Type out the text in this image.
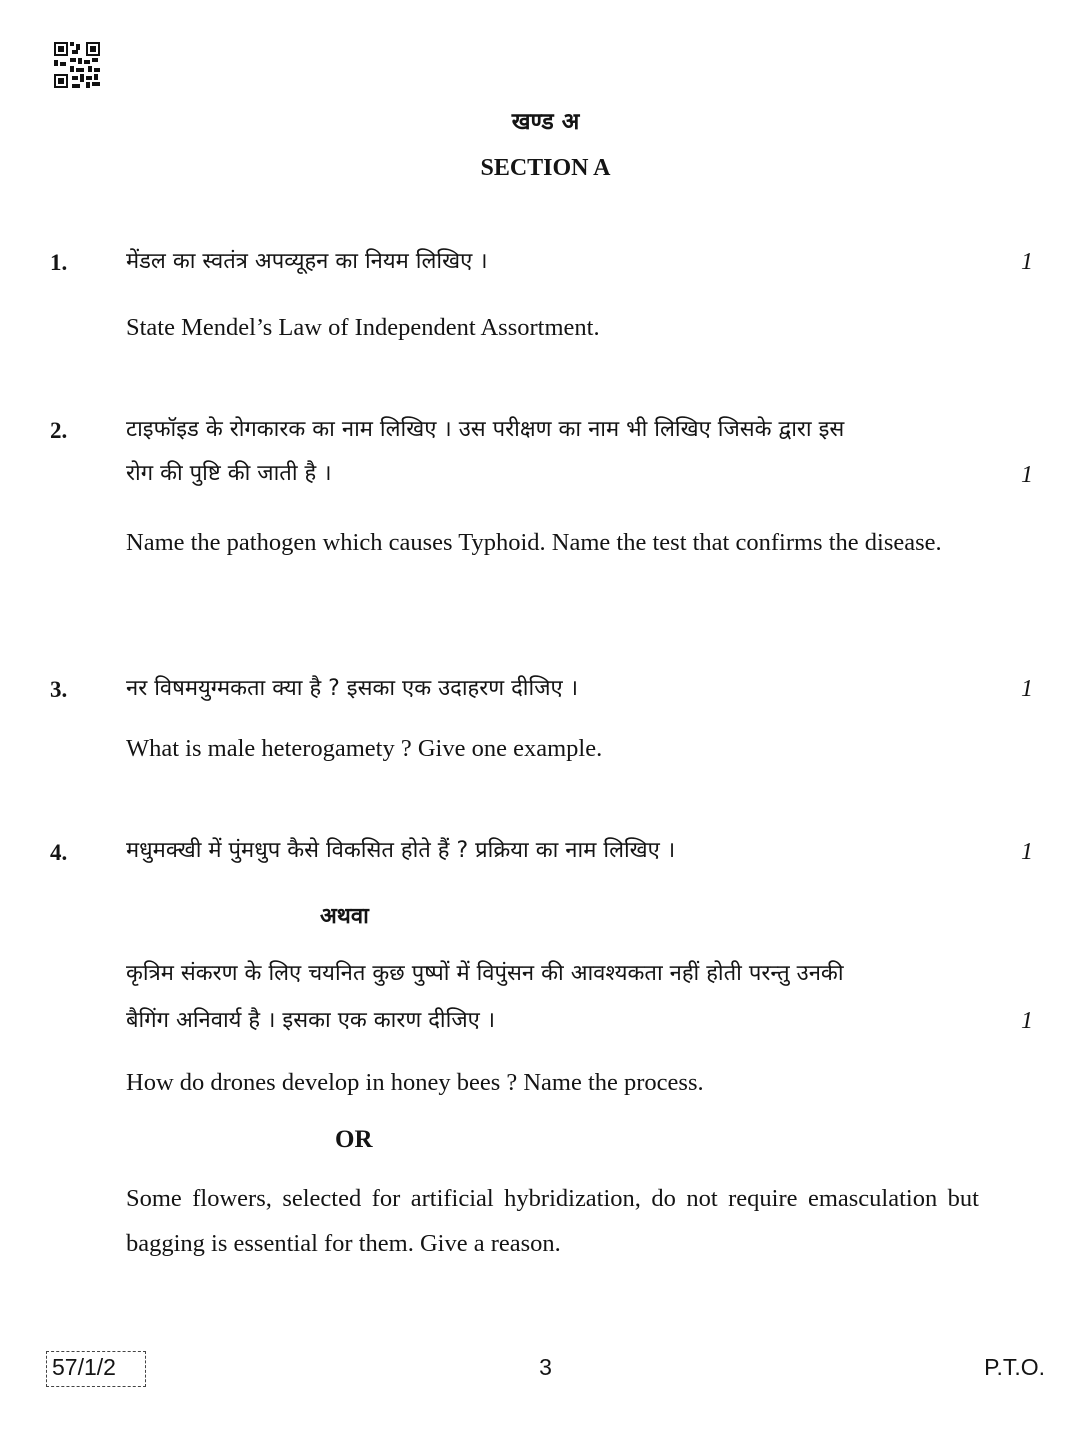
खण्ड अ
SECTION A
1.	मेंडल का स्वतंत्र अपव्यूहन का नियम लिखिए ।	1
State Mendel’s Law of Independent Assortment.
2.	टाइफॉइड के रोगकारक का नाम लिखिए । उस परीक्षण का नाम भी लिखिए जिसके द्वारा इस
रोग की पुष्टि की जाती है ।	1
Name the pathogen which causes Typhoid. Name the test that confirms the disease.
3.	नर विषमयुग्मकता क्या है ? इसका एक उदाहरण दीजिए ।	1
What is male heterogamety ? Give one example.
4.	मधुमक्खी में पुंमधुप कैसे विकसित होते हैं ? प्रक्रिया का नाम लिखिए ।	1
अथवा
कृत्रिम संकरण के लिए चयनित कुछ पुष्पों में विपुंसन की आवश्यकता नहीं होती परन्तु उनकी
बैगिंग अनिवार्य है । इसका एक कारण दीजिए ।	1
How do drones develop in honey bees ? Name the process.
OR
Some flowers, selected for artificial hybridization, do not require emasculation but bagging is essential for them. Give a reason.
57/1/2	3	P.T.O.
